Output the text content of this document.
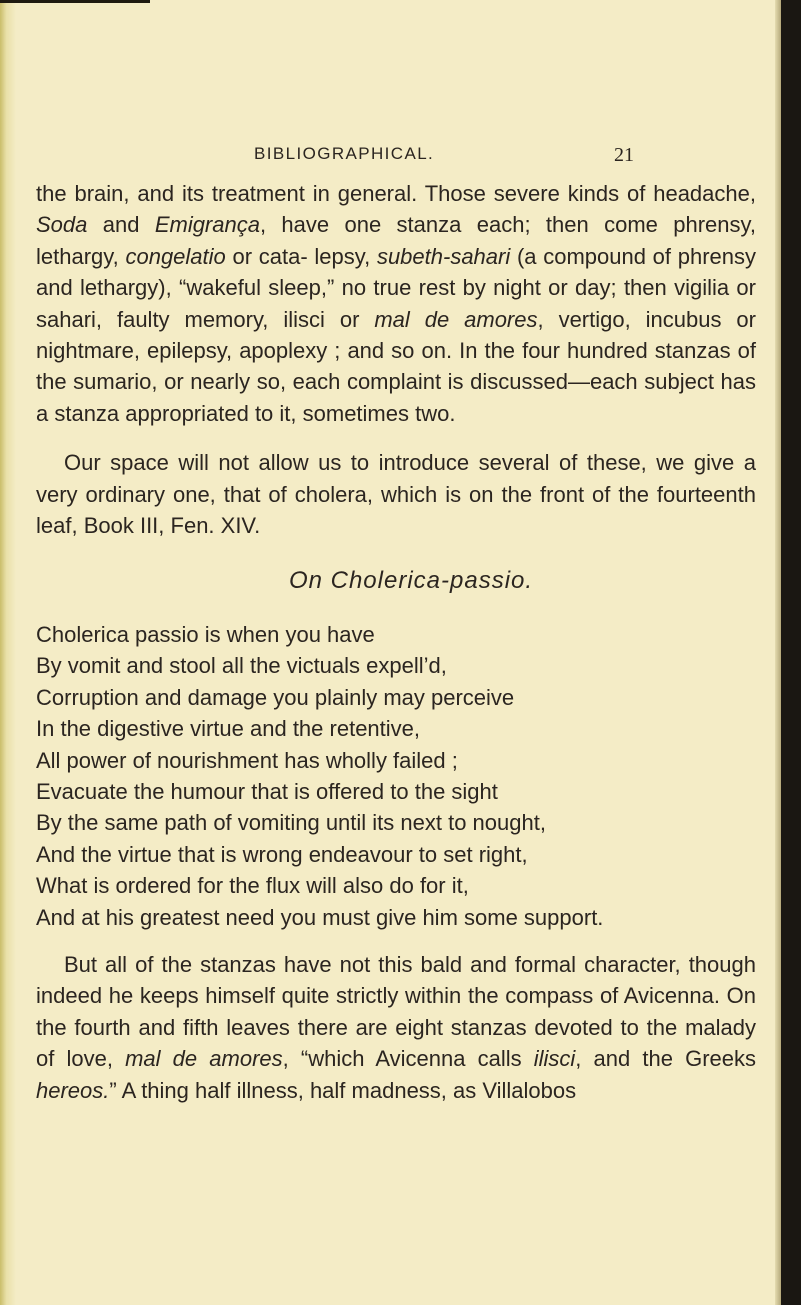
BIBLIOGRAPHICAL.	21

the brain, and its treatment in general. Those severe kinds of headache, Soda and Emigrança, have one stanza each; then come phrensy, lethargy, congelatio or cata- lepsy, subeth-sahari (a compound of phrensy and lethargy), “wakeful sleep,” no true rest by night or day; then vigilia or sahari, faulty memory, ilisci or mal de amores, vertigo, incubus or nightmare, epilepsy, apoplexy ; and so on. In the four hundred stanzas of the sumario, or nearly so, each complaint is discussed—each subject has a stanza appropriated to it, sometimes two.

Our space will not allow us to introduce several of these, we give a very ordinary one, that of cholera, which is on the front of the fourteenth leaf, Book III, Fen. XIV.

On Cholerica-passio.

Cholerica passio is when you have

By vomit and stool all the victuals expell’d,

Corruption and damage you plainly may perceive

In the digestive virtue and the retentive,

All power of nourishment has wholly failed ;

Evacuate the humour that is offered to the sight

By the same path of vomiting until its next to nought,

And the virtue that is wrong endeavour to set right,

What is ordered for the flux will also do for it,

And at his greatest need you must give him some support.

But all of the stanzas have not this bald and formal character, though indeed he keeps himself quite strictly within the compass of Avicenna. On the fourth and fifth leaves there are eight stanzas devoted to the malady of love, mal de amores, “which Avicenna calls ilisci, and the Greeks hereos.” A thing half illness, half madness, as Villalobos
